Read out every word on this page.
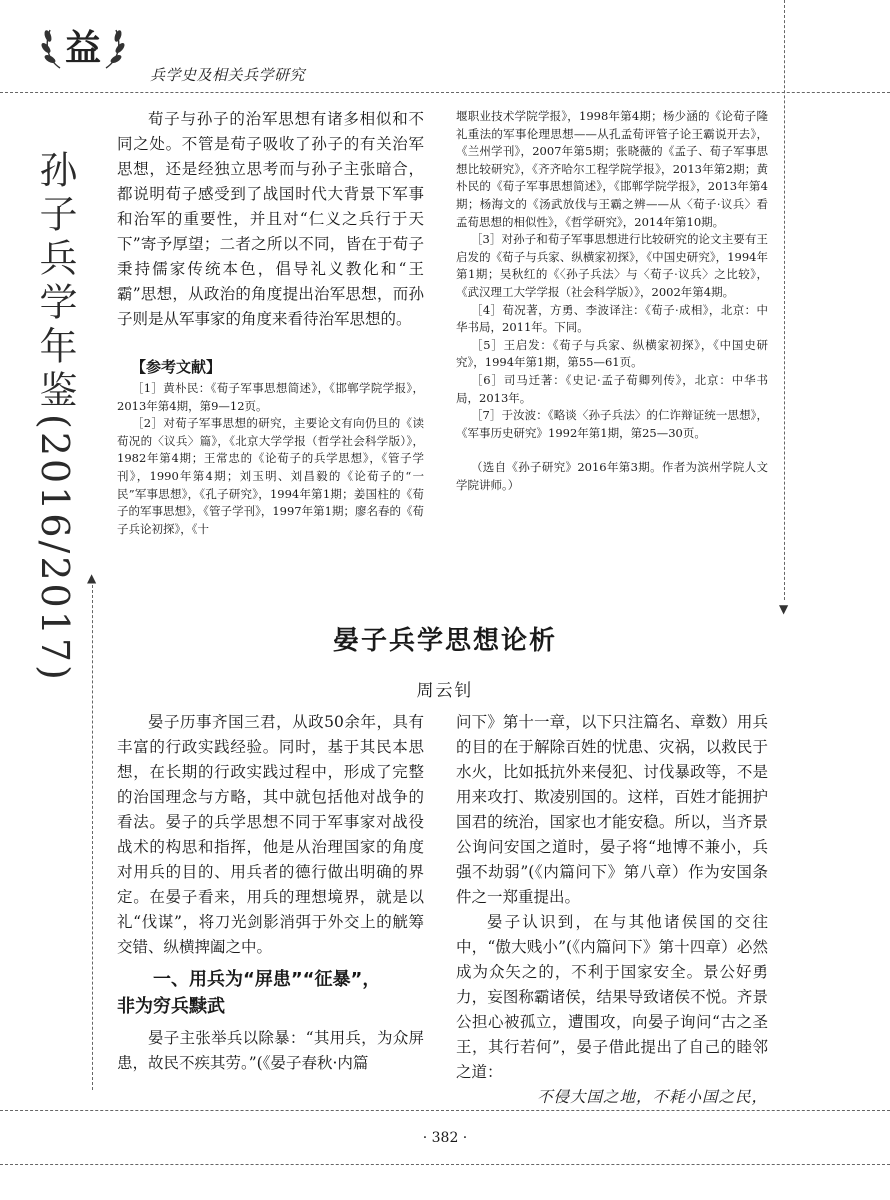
益
兵学史及相关兵学研究
▼
▲
孙子兵学年鉴(2016/2017)

荀子与孙子的治军思想有诸多相似和不同之处。不管是荀子吸收了孙子的有关治军思想，还是经独立思考而与孙子主张暗合，都说明荀子感受到了战国时代大背景下军事和治军的重要性，并且对“仁义之兵行于天下”寄予厚望；二者之所以不同，皆在于荀子秉持儒家传统本色，倡导礼义教化和“王霸”思想，从政治的角度提出治军思想，而孙子则是从军事家的角度来看待治军思想的。

【参考文献】

［1］黄朴民：《荀子军事思想简述》，《邯郸学院学报》，2013年第4期，第9—12页。

［2］对荀子军事思想的研究，主要论文有向仍旦的《读荀况的〈议兵〉篇》，《北京大学学报（哲学社会科学版）》，1982年第4期；王常忠的《论荀子的兵学思想》，《管子学刊》，1990年第4期；刘玉明、刘昌毅的《论荀子的“一民”军事思想》，《孔子研究》，1994年第1期；姜国柱的《荀子的军事思想》，《管子学刊》，1997年第1期；廖名春的《荀子兵论初探》，《十

堰职业技术学院学报》，1998年第4期；杨少涵的《论荀子隆礼重法的军事伦理思想——从孔孟荀评管子论王霸说开去》，《兰州学刊》，2007年第5期；张晓薇的《孟子、荀子军事思想比较研究》，《齐齐哈尔工程学院学报》，2013年第2期；黄朴民的《荀子军事思想简述》，《邯郸学院学报》，2013年第4期；杨海文的《汤武放伐与王霸之辨——从〈荀子·议兵〉看孟荀思想的相似性》，《哲学研究》，2014年第10期。

［3］对孙子和荀子军事思想进行比较研究的论文主要有王启发的《荀子与兵家、纵横家初探》，《中国史研究》，1994年第1期；吴秋红的《〈孙子兵法〉与〈荀子·议兵〉之比较》，《武汉理工大学学报（社会科学版）》，2002年第4期。

［4］荀况著，方勇、李波译注：《荀子·成相》，北京：中华书局，2011年。下同。

［5］王启发：《荀子与兵家、纵横家初探》，《中国史研究》，1994年第1期，第55—61页。

［6］司马迁著：《史记·孟子荀卿列传》，北京：中华书局，2013年。

［7］于汝波：《略谈〈孙子兵法〉的仁诈辩证统一思想》，《军事历史研究》1992年第1期，第25—30页。

（选自《孙子研究》2016年第3期。作者为滨州学院人文学院讲师。）

晏子兵学思想论析
周云钊

晏子历事齐国三君，从政50余年，具有丰富的行政实践经验。同时，基于其民本思想，在长期的行政实践过程中，形成了完整的治国理念与方略，其中就包括他对战争的看法。晏子的兵学思想不同于军事家对战役战术的构思和指挥，他是从治理国家的角度对用兵的目的、用兵者的德行做出明确的界定。在晏子看来，用兵的理想境界，就是以礼“伐谋”，将刀光剑影消弭于外交上的觥筹交错、纵横捭阖之中。

一、用兵为“屏患”“征暴”，
非为穷兵黩武

晏子主张举兵以除暴：“其用兵，为众屏患，故民不疾其劳。”(《晏子春秋·内篇

问下》第十一章，以下只注篇名、章数）用兵的目的在于解除百姓的忧患、灾祸，以救民于水火，比如抵抗外来侵犯、讨伐暴政等，不是用来攻打、欺凌别国的。这样，百姓才能拥护国君的统治，国家也才能安稳。所以，当齐景公询问安国之道时，晏子将“地博不兼小，兵强不劫弱”(《内篇问下》第八章）作为安国条件之一郑重提出。

晏子认识到，在与其他诸侯国的交往中，“傲大贱小”(《内篇问下》第十四章）必然成为众矢之的，不利于国家安全。景公好勇力，妄图称霸诸侯，结果导致诸侯不悦。齐景公担心被孤立，遭围攻，向晏子询问“古之圣王，其行若何”，晏子借此提出了自己的睦邻之道：

不侵大国之地，不耗小国之民，
· 382 ·
